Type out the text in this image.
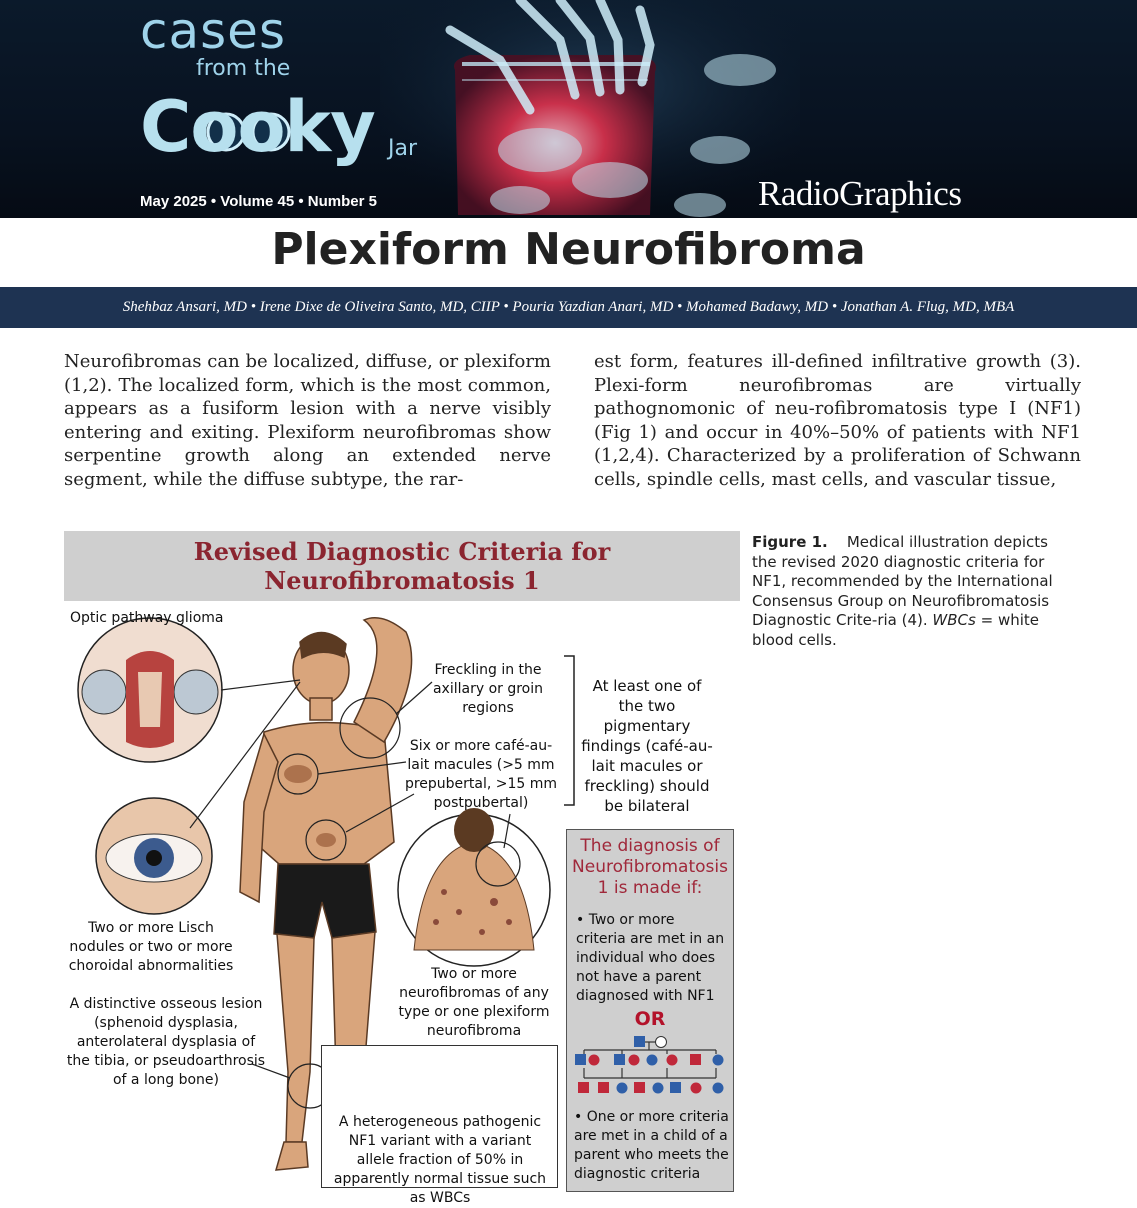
cases
from the
Cooky Jar
May 2025 • Volume 45 • Number 5	RadioGraphics
Plexiform Neurofibroma
Shehbaz Ansari, MD • Irene Dixe de Oliveira Santo, MD, CIIP • Pouria Yazdian Anari, MD • Mohamed Badawy, MD • Jonathan A. Flug, MD, MBA

Neurofibromas can be localized, diffuse, or plexiform (1,2). The localized form, which is the most common, appears as a fusiform lesion with a nerve visibly entering and exiting. Plexiform neurofibromas show serpentine growth along an extended nerve segment, while the diffuse subtype, the rar-

est form, features ill-defined infiltrative growth (3). Plexi-form neurofibromas are virtually pathognomonic of neu-rofibromatosis type I (NF1) (Fig 1) and occur in 40%–50% of patients with NF1 (1,2,4). Characterized by a proliferation of Schwann cells, spindle cells, mast cells, and vascular tissue,

Figure 1. Medical illustration depicts the revised 2020 diagnostic criteria for NF1, recommended by the International Consensus Group on Neurofibromatosis Diagnostic Crite-ria (4). WBCs = white blood cells.
Revised Diagnostic Criteria for
Neurofibromatosis 1
Optic pathway glioma
Freckling in the axillary or groin regions
Six or more café-au-lait macules (>5 mm prepubertal, >15 mm postpubertal)
At least one of the two pigmentary findings (café-au-lait macules or freckling) should be bilateral
Two or more Lisch nodules or two or more choroidal abnormalities
A distinctive osseous lesion (sphenoid dysplasia, anterolateral dysplasia of the tibia, or pseudoarthrosis of a long bone)
Two or more neurofibromas of any type or one plexiform neurofibroma
A heterogeneous pathogenic NF1 variant with a variant allele fraction of 50% in apparently normal tissue such as WBCs
The diagnosis of Neurofibromatosis 1 is made if:
• Two or more criteria are met in an individual who does not have a parent diagnosed with NF1
OR
• One or more criteria are met in a child of a parent who meets the diagnostic criteria
